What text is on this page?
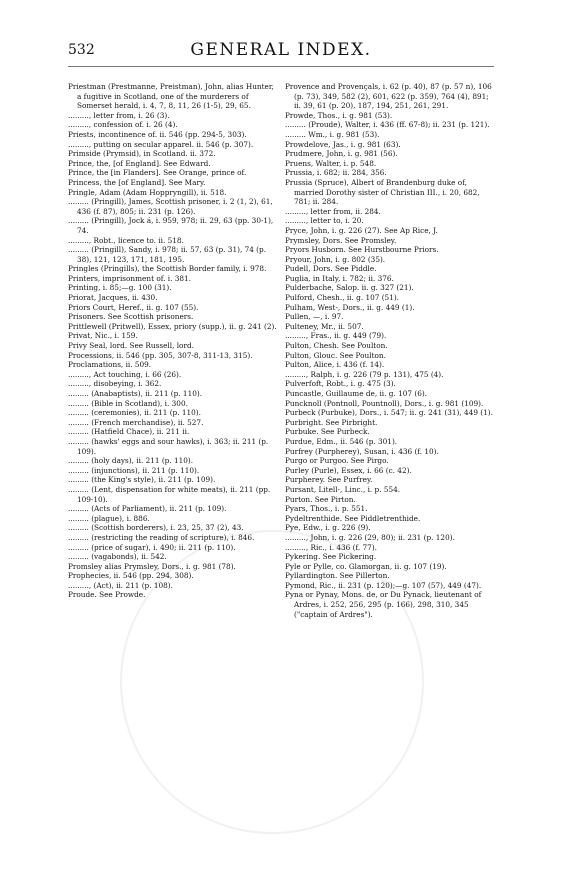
532	GENERAL INDEX.
Priestman (Prestmanne, Preistman), John, alias Hunter, a fugitive in Scotland, one of the murderers of Somerset herald, i. 4, 7, 8, 11, 26 (1-5), 29, 65.
........., letter from, i. 26 (3).
........., confession of. i. 26 (4).
Priests, incontinence of. ii. 546 (pp. 294-5, 303).
........., putting on secular apparel. ii. 546 (p. 307).
Primside (Prymsid), in Scotland. ii. 372.
Prince, the, [of England]. See Edward.
Prince, the [in Flanders]. See Orange, prince of.
Princess, the [of England]. See Mary.
Pringle, Adam (Adam Hoppryngill), ii. 518.
......... (Pringill), James, Scottish prisoner, i. 2 (1, 2), 61, 436 (f. 87), 805; ii. 231 (p. 126).
......... (Pringill), Jock á, i. 959, 978; ii. 29, 63 (pp. 30-1), 74.
........., Robt., licence to. ii. 518.
......... (Pringill), Sandy, i. 978; ii. 57, 63 (p. 31), 74 (p. 38), 121, 123, 171, 181, 195.
Pringles (Pringills), the Scottish Border family, i. 978.
Printers, imprisonment of. i. 381.
Printing, i. 85;—g. 100 (31).
Priorat, Jacques, ii. 430.
Priors Court, Heref., ii. g. 107 (55).
Prisoners. See Scottish prisoners.
Prittlewell (Pritwell), Essex, priory (supp.), ii. g. 241 (2).
Privat, Nic., i. 159.
Privy Seal, lord. See Russell, lord.
Processions, ii. 546 (pp. 305, 307-8, 311-13, 315).
Proclamations, ii. 509.
........., Act touching, i. 66 (26).
........., disobeying, i. 362.
......... (Anabaptists), ii. 211 (p. 110).
......... (Bible in Scotland), i. 300.
......... (ceremonies), ii. 211 (p. 110).
......... (French merchandise), ii. 527.
......... (Hatfield Chace), ii. 211 ii.
......... (hawks' eggs and sour hawks), i. 363; ii. 211 (p. 109).
......... (holy days), ii. 211 (p. 110).
......... (injunctions), ii. 211 (p. 110).
......... (the King's style), ii. 211 (p. 109).
......... (Lent, dispensation for white meats), ii. 211 (pp. 109-10).
......... (Acts of Parliament), ii. 211 (p. 109).
......... (plague), i. 886.
......... (Scottish borderers), i. 23, 25, 37 (2), 43.
......... (restricting the reading of scripture), i. 846.
......... (price of sugar), i. 490; ii. 211 (p. 110).
......... (vagabonds), ii. 542.
Promsley alias Prymsley, Dors., i. g. 981 (78).
Prophecies, ii. 546 (pp. 294, 308).
........., (Act), ii. 211 (p. 108).
Proude. See Prowde.
Provence and Provençals, i. 62 (p. 40), 87 (p. 57 n), 106 (p. 73), 349, 582 (2), 601, 622 (p. 359), 764 (4), 891; ii. 39, 61 (p. 20), 187, 194, 251, 261, 291.
Prowde, Thos., i. g. 981 (53).
......... (Proude), Walter, i. 436 (ff. 67-8); ii. 231 (p. 121).
......... Wm., i. g. 981 (53).
Prowdelove, Jas., i. g. 981 (63).
Prudmere, John, i. g. 981 (56).
Pruens, Walter, i. p. 548.
Prussia, i. 682; ii. 284, 356.
Prussia (Spruce), Albert of Brandenburg duke of, married Dorothy sister of Christian III., i. 20, 682, 781; ii. 284.
........., letter from, ii. 284.
........., letter to, i. 20.
Pryce, John, i. g. 226 (27). See Ap Rice, J.
Prymsley, Dors. See Promsley.
Pryors Husborn. See Hurstbourne Priors.
Pryour, John, i. g. 802 (35).
Pudell, Dors. See Piddle.
Puglia, in Italy, i. 782; ii. 376.
Pulderbache, Salop. ii. g. 327 (21).
Pulford, Chesh., ii. g. 107 (51).
Pulham, West-, Dors., ii. g. 449 (1).
Pullen, —, i. 97.
Pulteney, Mr., ii. 507.
........., Fras., ii. g. 449 (79).
Pulton, Chesh. See Poulton.
Pulton, Glouc. See Poulton.
Pulton, Alice, i. 436 (f. 14).
........., Ralph, i. g. 226 (79 p. 131), 475 (4).
Pulverfoft, Robt., i. g. 475 (3).
Puncastle, Guillaume de, ii. g. 107 (6).
Puncknoll (Pontnoll, Pountnoll), Dors., i. g. 981 (109).
Purbeck (Purbuke), Dors., i. 547; ii. g. 241 (31), 449 (1).
Purbright. See Pirbright.
Purbuke. See Purbeck.
Purdue, Edm., ii. 546 (p. 301).
Purfrey (Purpherey), Susan, i. 436 (f. 10).
Purgo or Purgoo. See Pirgo.
Purley (Purle), Essex, i. 66 (c. 42).
Purpherey. See Purfrey.
Pursant, Litell-, Linc., i. p. 554.
Purton. See Pirton.
Pyars, Thos., i. p. 551.
Pydeltrenthide. See Piddletrenthide.
Pye, Edw., i. g. 226 (9).
........., John, i. g. 226 (29, 80); ii. 231 (p. 120).
........., Ric., i. 436 (f. 77).
Pykering. See Pickering.
Pyle or Pylle, co. Glamorgan, ii. g. 107 (19).
Pyllardington. See Pillerton.
Pymond, Ric., ii. 231 (p. 120);—g. 107 (57), 449 (47).
Pyna or Pynay, Mons. de, or Du Pynack, lieutenant of Ardres, i. 252, 256, 295 (p. 166), 298, 310, 345 ("captain of Ardres").
